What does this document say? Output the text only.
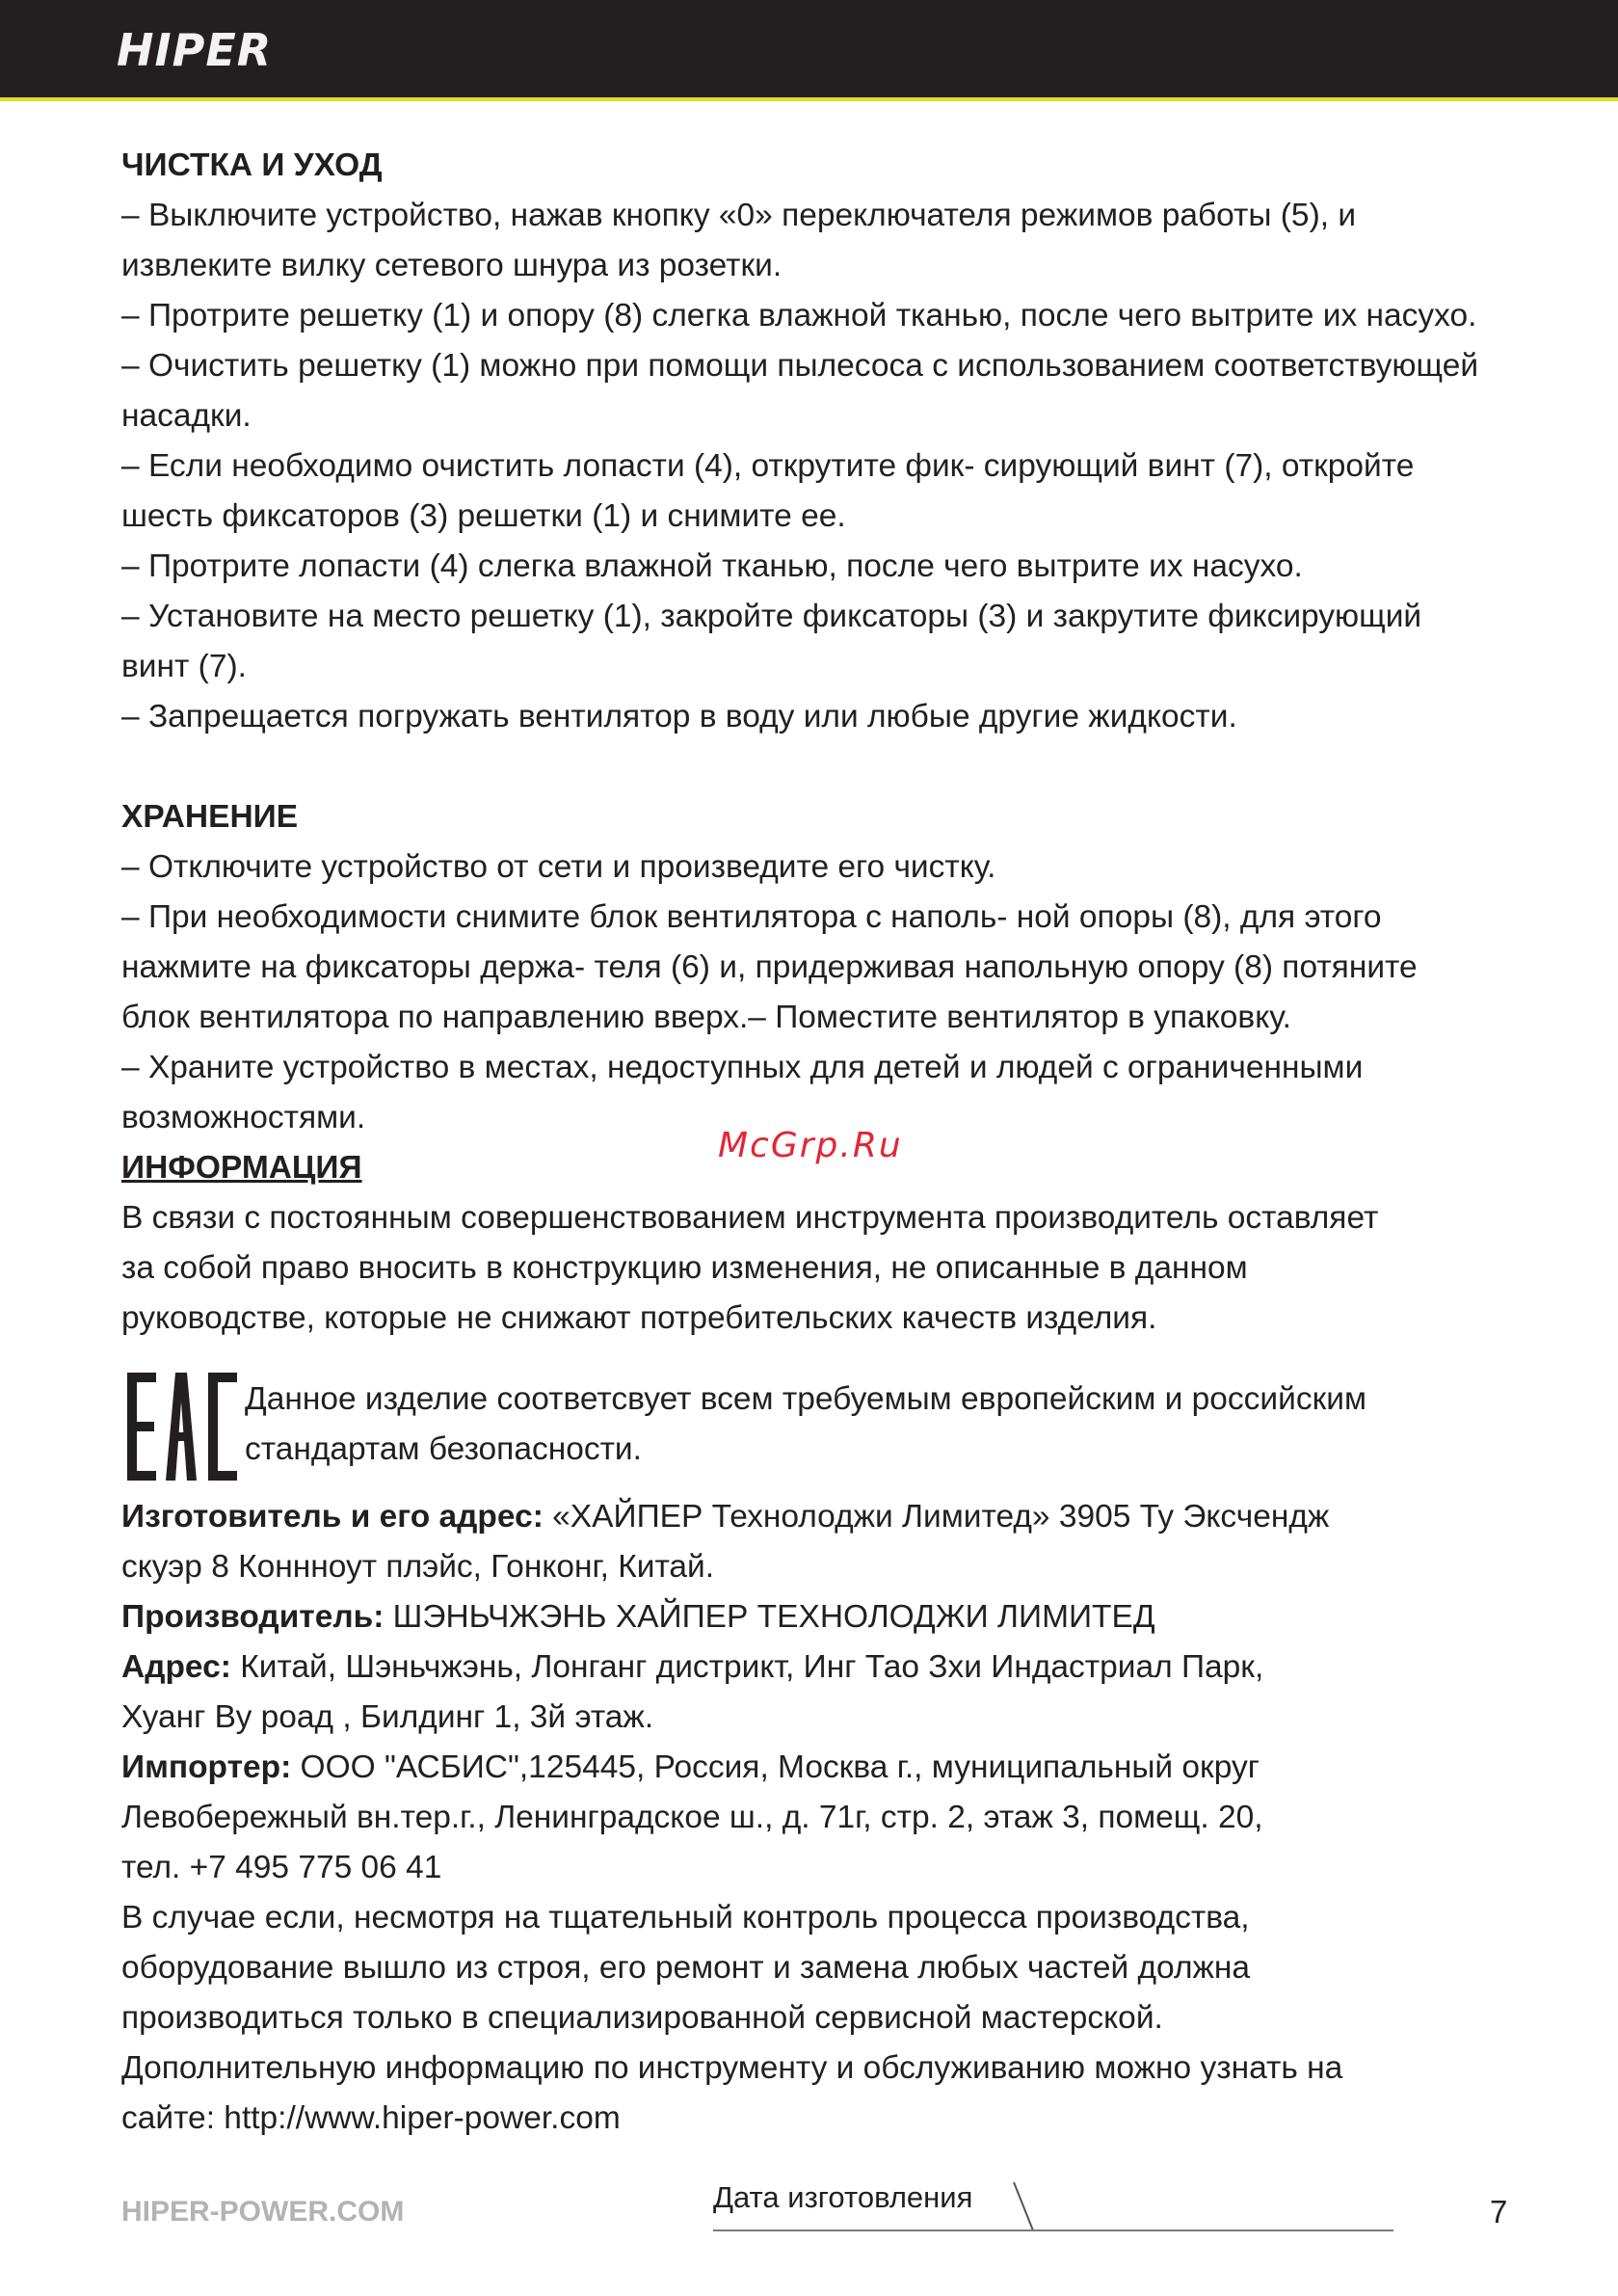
HIPER

ЧИСТКА И УХОД

– Выключите устройство, нажав кнопку «0» переключателя режимов работы (5), и

извлеките вилку сетевого шнура из розетки.

– Протрите решетку (1) и опору (8) слегка влажной тканью, после чего вытрите их насухо.

– Очистить решетку (1) можно при помощи пылесоса с использованием соответствующей

насадки.

– Если необходимо очистить лопасти (4), открутите фик- сирующий винт (7), откройте

шесть фиксаторов (3) решетки (1) и снимите ее.

– Протрите лопасти (4) слегка влажной тканью, после чего вытрите их насухо.

– Установите на место решетку (1), закройте фиксаторы (3) и закрутите фиксирующий

винт (7).

– Запрещается погружать вентилятор в воду или любые другие жидкости.

ХРАНЕНИЕ

– Отключите устройство от сети и произведите его чистку.

– При необходимости снимите блок вентилятора с наполь- ной опоры (8), для этого

нажмите на фиксаторы держа- теля (6) и, придерживая напольную опору (8) потяните

блок вентилятора по направлению вверх.– Поместите вентилятор в упаковку.

– Храните устройство в местах, недоступных для детей и людей с ограниченными

возможностями.

ИНФОРМАЦИЯ

В связи с постоянным совершенствованием инструмента производитель оставляет

за собой право вносить в конструкцию изменения, не описанные в данном

руководстве, которые не снижают потребительских качеств изделия.

Данное изделие соответсвует всем требуемым европейским и российским

стандартам безопасности.

Изготовитель и его адрес: «ХАЙПЕР Технолоджи Лимитед» 3905 Ту Эксчендж

скуэр 8 Коннноут плэйс, Гонконг, Китай.

Производитель: ШЭНЬЧЖЭНЬ ХАЙПЕР ТЕХНОЛОДЖИ ЛИМИТЕД

Адрес: Китай, Шэньчжэнь, Лонганг дистрикт, Инг Тао Зхи Индастриал Парк,

Хуанг Ву роад , Билдинг 1, 3й этаж.

Импортер: ООО "АСБИС",125445, Россия, Москва г., муниципальный округ

Левобережный вн.тер.г., Ленинградское ш., д. 71г, стр. 2, этаж 3, помещ. 20,

тел. +7 495 775 06 41

В случае если, несмотря на тщательный контроль процесса производства,

оборудование вышло из строя, его ремонт и замена любых частей должна

производиться только в специализированной сервисной мастерской.

Дополнительную информацию по инструменту и обслуживанию можно узнать на

сайте: http://www.hiper-power.com

McGrp.Ru
HIPER-POWER.COM	Дата изготовления	7
